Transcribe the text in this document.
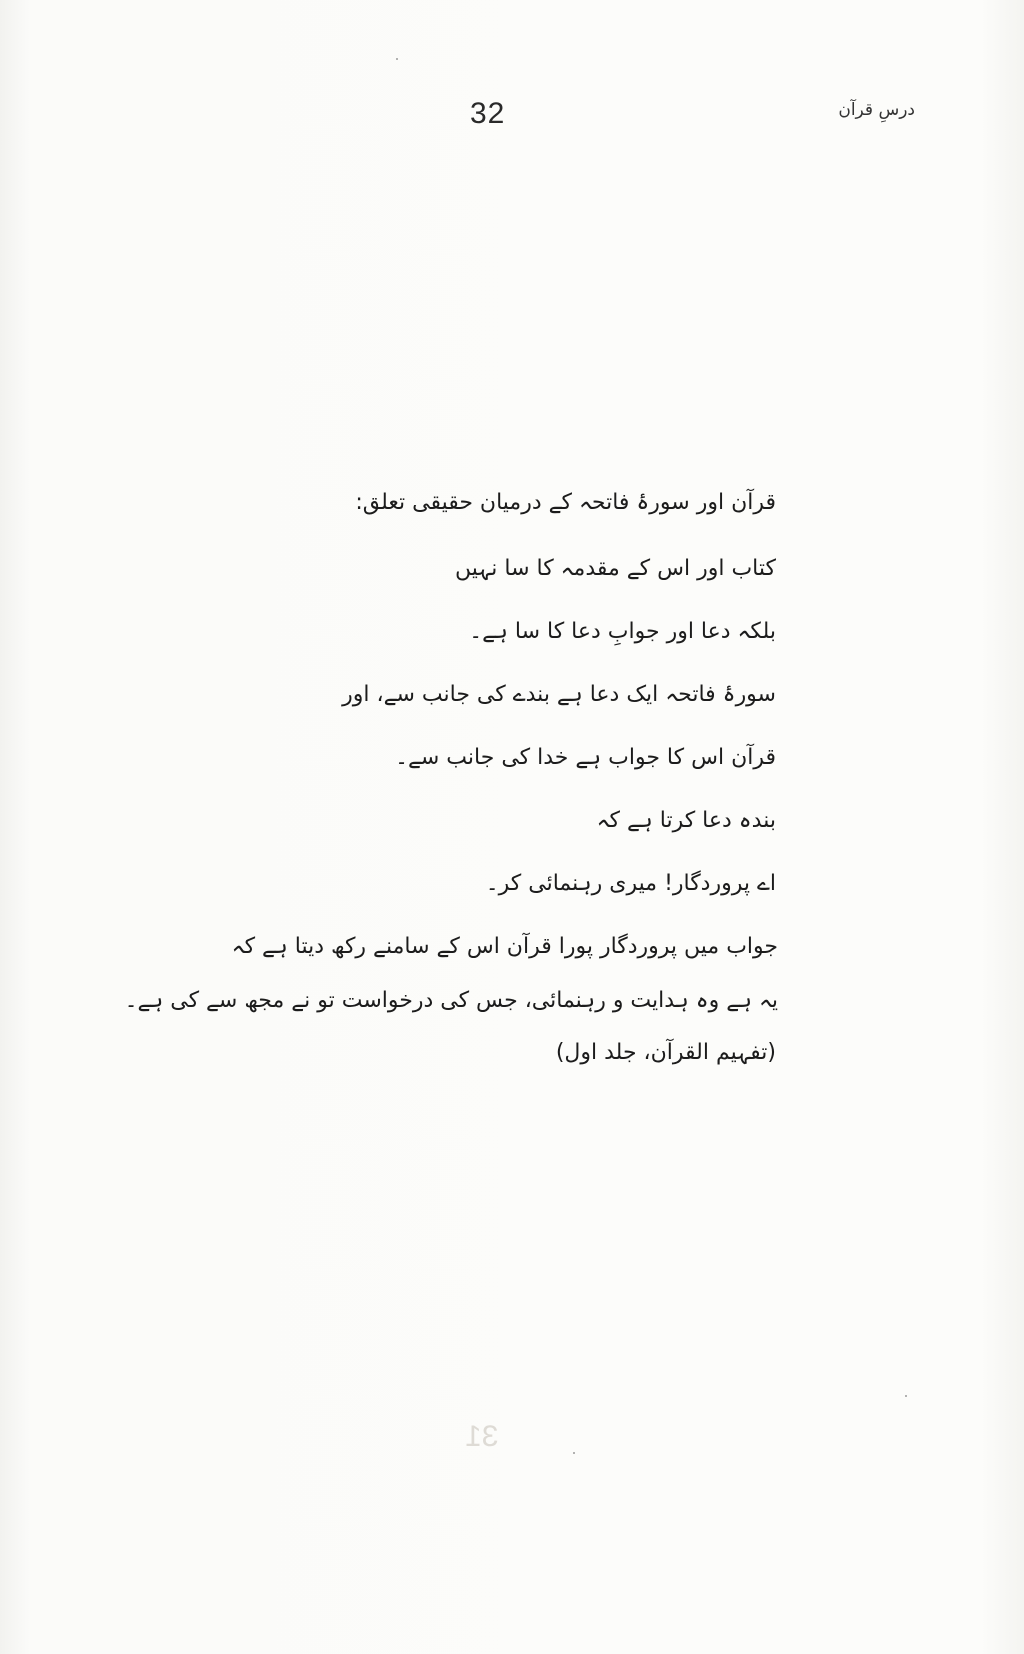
31
درسِ قرآن
32
قرآن اور سورۂ فاتحہ کے درمیان حقیقی تعلق:
کتاب اور اس کے مقدمہ کا سا نہیں
بلکہ دعا اور جوابِ دعا کا سا ہے۔
سورۂ فاتحہ ایک دعا ہے بندے کی جانب سے، اور
قرآن اس کا جواب ہے خدا کی جانب سے۔
بندہ دعا کرتا ہے کہ
اے پروردگار! میری رہنمائی کر۔
جواب میں پروردگار پورا قرآن اس کے سامنے رکھ دیتا ہے کہ
یہ ہے وہ ہدایت و رہنمائی، جس کی درخواست تو نے مجھ سے کی ہے۔
(تفہیم القرآن، جلد اول)
